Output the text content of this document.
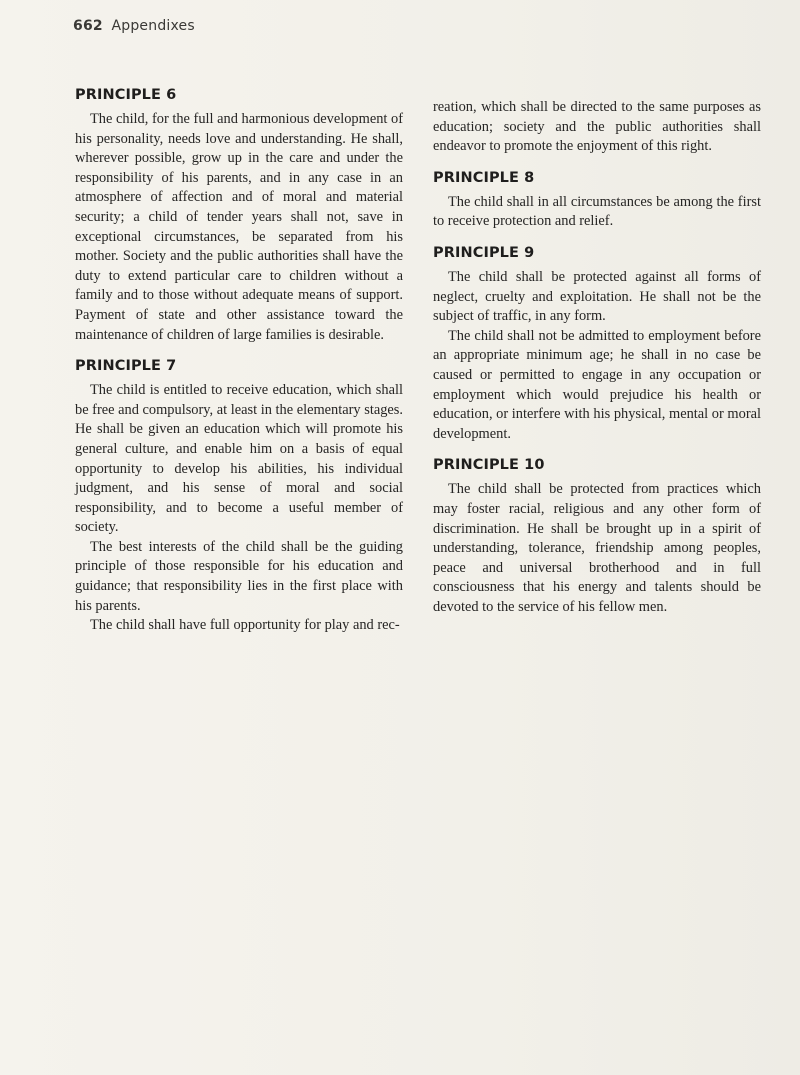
662 Appendixes
PRINCIPLE 6

The child, for the full and harmonious development of his personality, needs love and understanding. He shall, wherever possible, grow up in the care and under the responsibility of his parents, and in any case in an atmosphere of affection and of moral and material security; a child of tender years shall not, save in exceptional circumstances, be separated from his mother. Society and the public authorities shall have the duty to extend particular care to children without a family and to those without adequate means of support. Payment of state and other assistance toward the maintenance of children of large families is desirable.

PRINCIPLE 7

The child is entitled to receive education, which shall be free and compulsory, at least in the elementary stages. He shall be given an education which will promote his general culture, and enable him on a basis of equal opportunity to develop his abilities, his individual judgment, and his sense of moral and social responsibility, and to become a useful member of society.

The best interests of the child shall be the guiding principle of those responsible for his education and guidance; that responsibility lies in the first place with his parents.

The child shall have full opportunity for play and rec-

reation, which shall be directed to the same purposes as education; society and the public authorities shall endeavor to promote the enjoyment of this right.

PRINCIPLE 8

The child shall in all circumstances be among the first to receive protection and relief.

PRINCIPLE 9

The child shall be protected against all forms of neglect, cruelty and exploitation. He shall not be the subject of traffic, in any form.

The child shall not be admitted to employment before an appropriate minimum age; he shall in no case be caused or permitted to engage in any occupation or employment which would prejudice his health or education, or interfere with his physical, mental or moral development.

PRINCIPLE 10

The child shall be protected from practices which may foster racial, religious and any other form of discrimination. He shall be brought up in a spirit of understanding, tolerance, friendship among peoples, peace and universal brotherhood and in full consciousness that his energy and talents should be devoted to the service of his fellow men.
